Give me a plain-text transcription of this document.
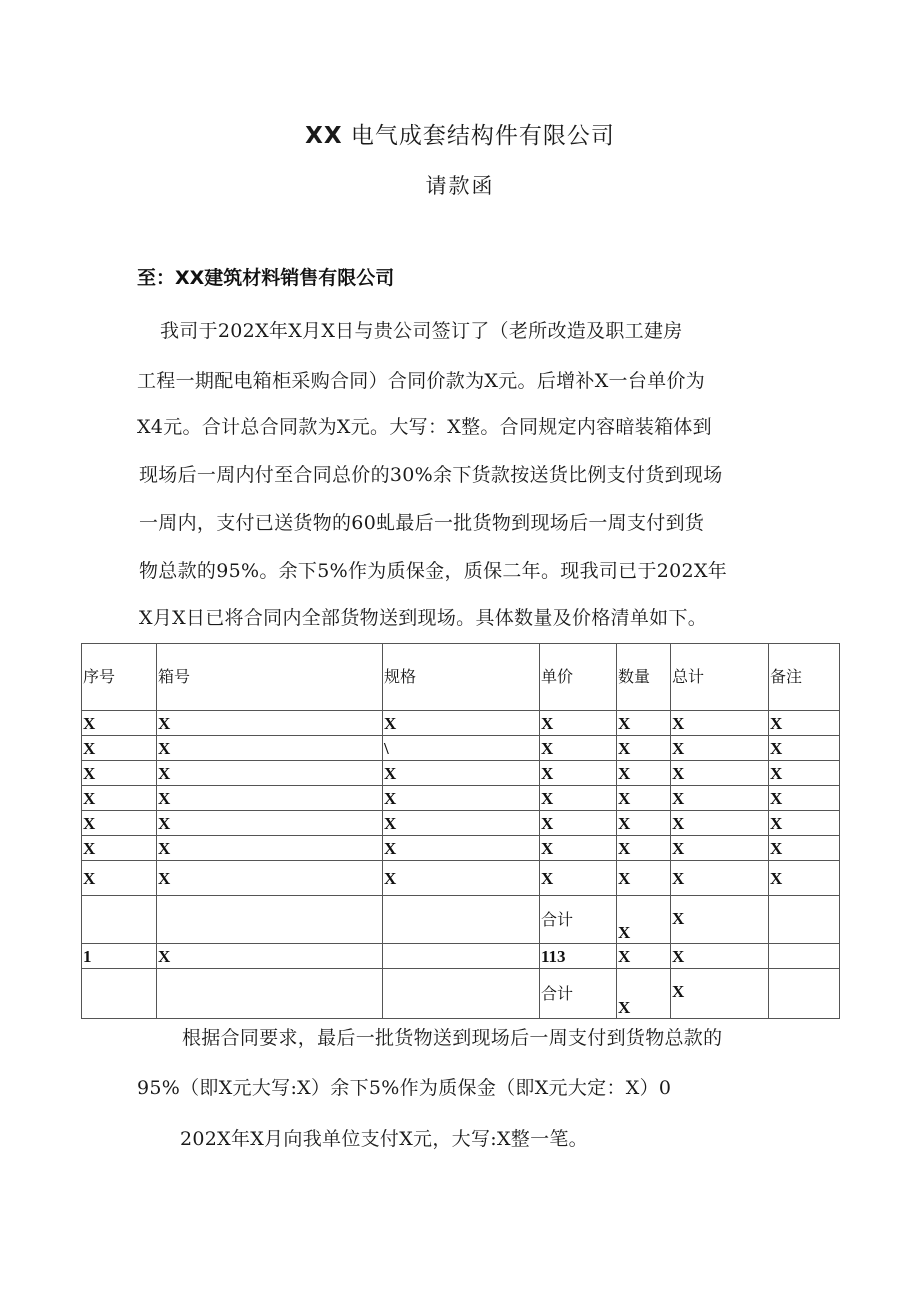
XX 电气成套结构件有限公司
请款函
至：XX建筑材料销售有限公司
我司于202X年X月X日与贵公司签订了（老所改造及职工建房
工程一期配电箱柜采购合同）合同价款为X元。后增补X一台单价为
X4元。合计总合同款为X元。大写：X整。合同规定内容暗装箱体到
现场后一周内付至合同总价的30%余下货款按送货比例支付货到现场
一周内，支付已送货物的60虬最后一批货物到现场后一周支付到货
物总款的95%。余下5%作为质保金，质保二年。现我司已于202X年
X月X日已将合同内全部货物送到现场。具体数量及价格清单如下。
序号	箱号	规格	单价	数量	总计	备注
X	X	X	X	X	X	X
X	X	\	X	X	X	X
X	X	X	X	X	X	X
X	X	X	X	X	X	X
X	X	X	X	X	X	X
X	X	X	X	X	X	X
X	X	X	X	X	X	X
			合计	X	X	
1	X		113	X	X	
			合计	X	X	
根据合同要求，最后一批货物送到现场后一周支付到货物总款的
95%（即X元大写:X）余下5%作为质保金（即X元大定：X）0
202X年X月向我单位支付X元，大写:X整一笔。
